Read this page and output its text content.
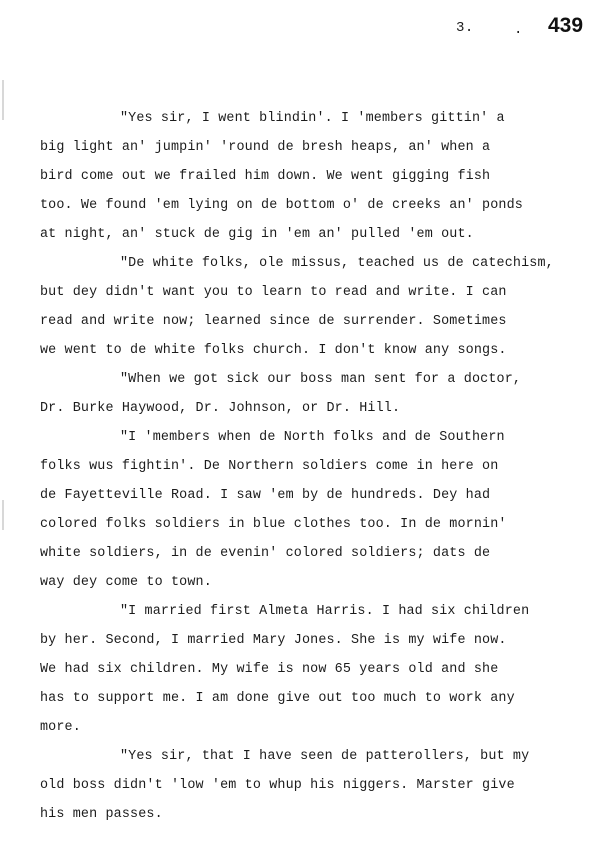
3.	. 439
"Yes sir, I went blindin'. I 'members gittin' a
big light an' jumpin' 'round de bresh heaps, an' when a
bird come out we frailed him down. We went gigging fish
too. We found 'em lying on de bottom o' de creeks an' ponds
at night, an' stuck de gig in 'em an' pulled 'em out.
"De white folks, ole missus, teached us de catechism,
but dey didn't want you to learn to read and write. I can
read and write now; learned since de surrender. Sometimes
we went to de white folks church. I don't know any songs.
"When we got sick our boss man sent for a doctor,
Dr. Burke Haywood, Dr. Johnson, or Dr. Hill.
"I 'members when de North folks and de Southern
folks wus fightin'. De Northern soldiers come in here on
de Fayetteville Road. I saw 'em by de hundreds. Dey had
colored folks soldiers in blue clothes too. In de mornin'
white soldiers, in de evenin' colored soldiers; dats de
way dey come to town.
"I married first Almeta Harris. I had six children
by her. Second, I married Mary Jones. She is my wife now.
We had six children. My wife is now 65 years old and she
has to support me. I am done give out too much to work any
more.
"Yes sir, that I have seen de patterollers, but my
old boss didn't 'low 'em to whup his niggers. Marster give
his men passes.
